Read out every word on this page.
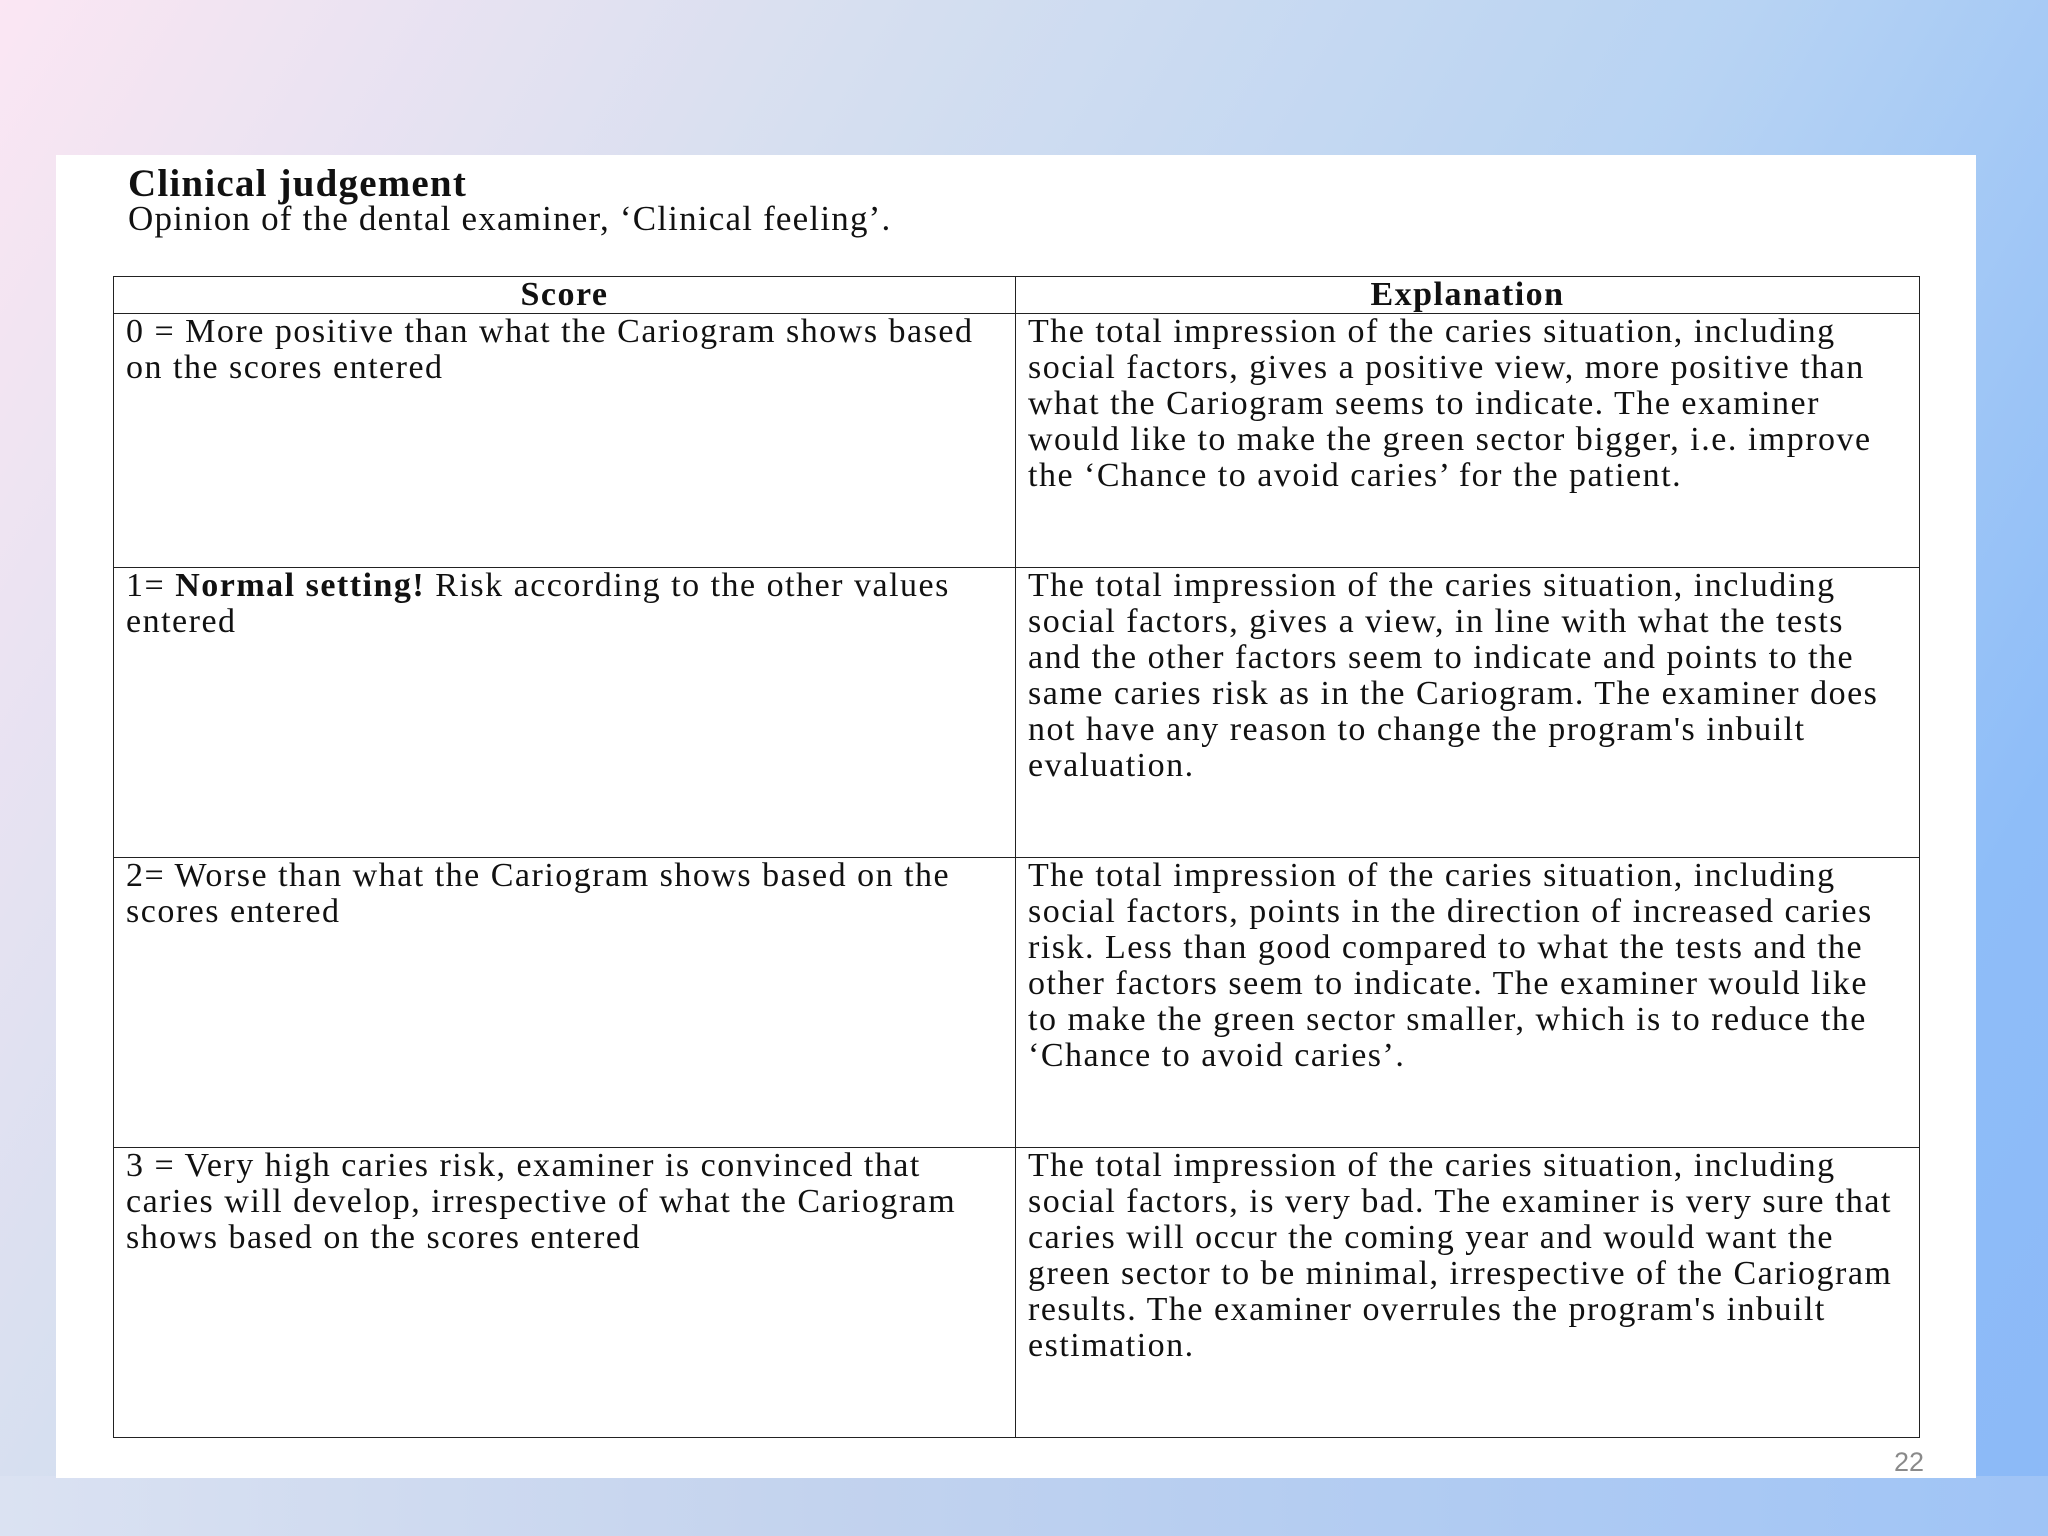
Clinical judgement

Opinion of the dental examiner, ‘Clinical feeling’.

Score	Explanation
0 = More positive than what the Cariogram shows based on the scores entered	The total impression of the caries situation, including social factors, gives a positive view, more positive than what the Cariogram seems to indicate. The examiner would like to make the green sector bigger, i.e. improve the ‘Chance to avoid caries’ for the patient.
1= Normal setting! Risk according to the other values entered	The total impression of the caries situation, including social factors, gives a view, in line with what the tests and the other factors seem to indicate and points to the same caries risk as in the Cariogram. The examiner does not have any reason to change the program's inbuilt evaluation.
2= Worse than what the Cariogram shows based on the scores entered	The total impression of the caries situation, including social factors, points in the direction of increased caries risk. Less than good compared to what the tests and the other factors seem to indicate. The examiner would like to make the green sector smaller, which is to reduce the ‘Chance to avoid caries’.
3 = Very high caries risk, examiner is convinced that caries will develop, irrespective of what the Cariogram shows based on the scores entered	The total impression of the caries situation, including social factors, is very bad. The examiner is very sure that caries will occur the coming year and would want the green sector to be minimal, irrespective of the Cariogram results. The examiner overrules the program's inbuilt estimation.
22
